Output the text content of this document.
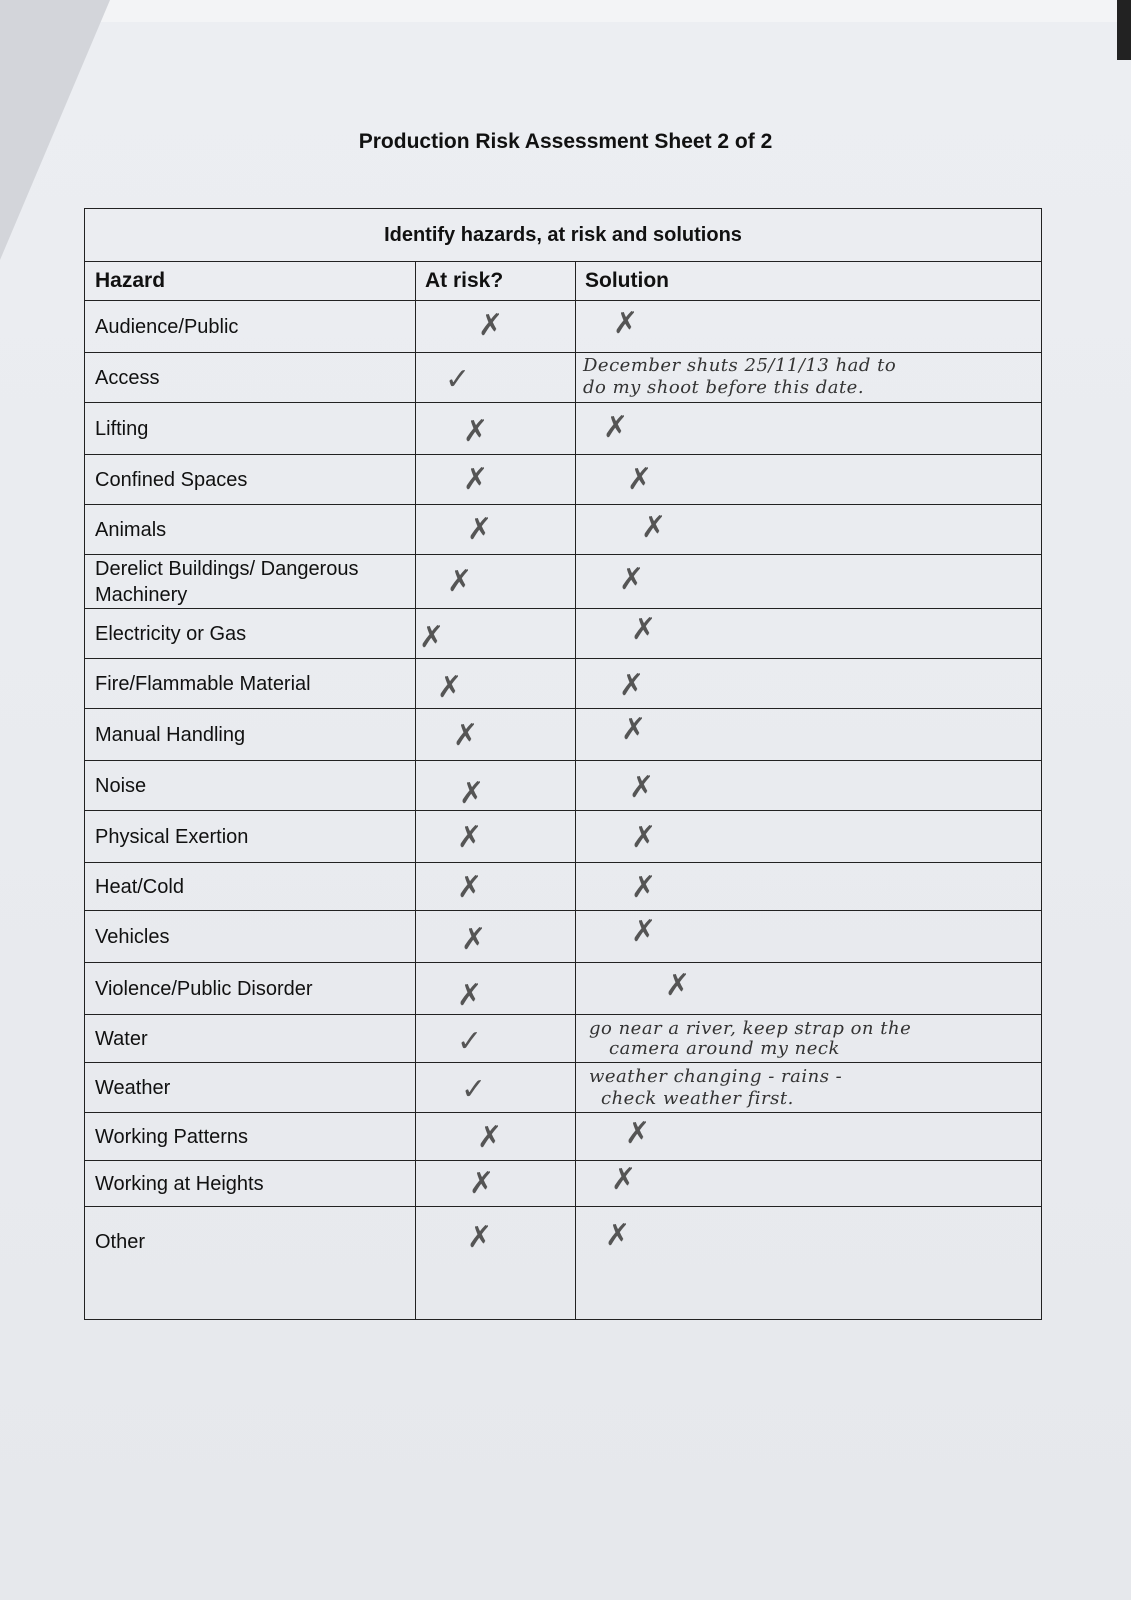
Production Risk Assessment Sheet 2 of 2
Identify hazards, at risk and solutions
Hazard	At risk?	Solution
Audience/Public	✗	✗
Access	✓	December shuts 25/11/13 had to
do my shoot before this date.
Lifting	✗	✗
Confined Spaces	✗	✗
Animals	✗	✗
Derelict Buildings/ Dangerous Machinery	✗	✗
Electricity or Gas	✗	✗
Fire/Flammable Material	✗	✗
Manual Handling	✗	✗
Noise	✗	✗
Physical Exertion	✗	✗
Heat/Cold	✗	✗
Vehicles	✗	✗
Violence/Public Disorder	✗	✗
Water	✓	go near a river, keep strap on the
camera around my neck
Weather	✓	weather changing - rains -
check weather first.
Working Patterns	✗	✗
Working at Heights	✗	✗
Other	✗	✗
